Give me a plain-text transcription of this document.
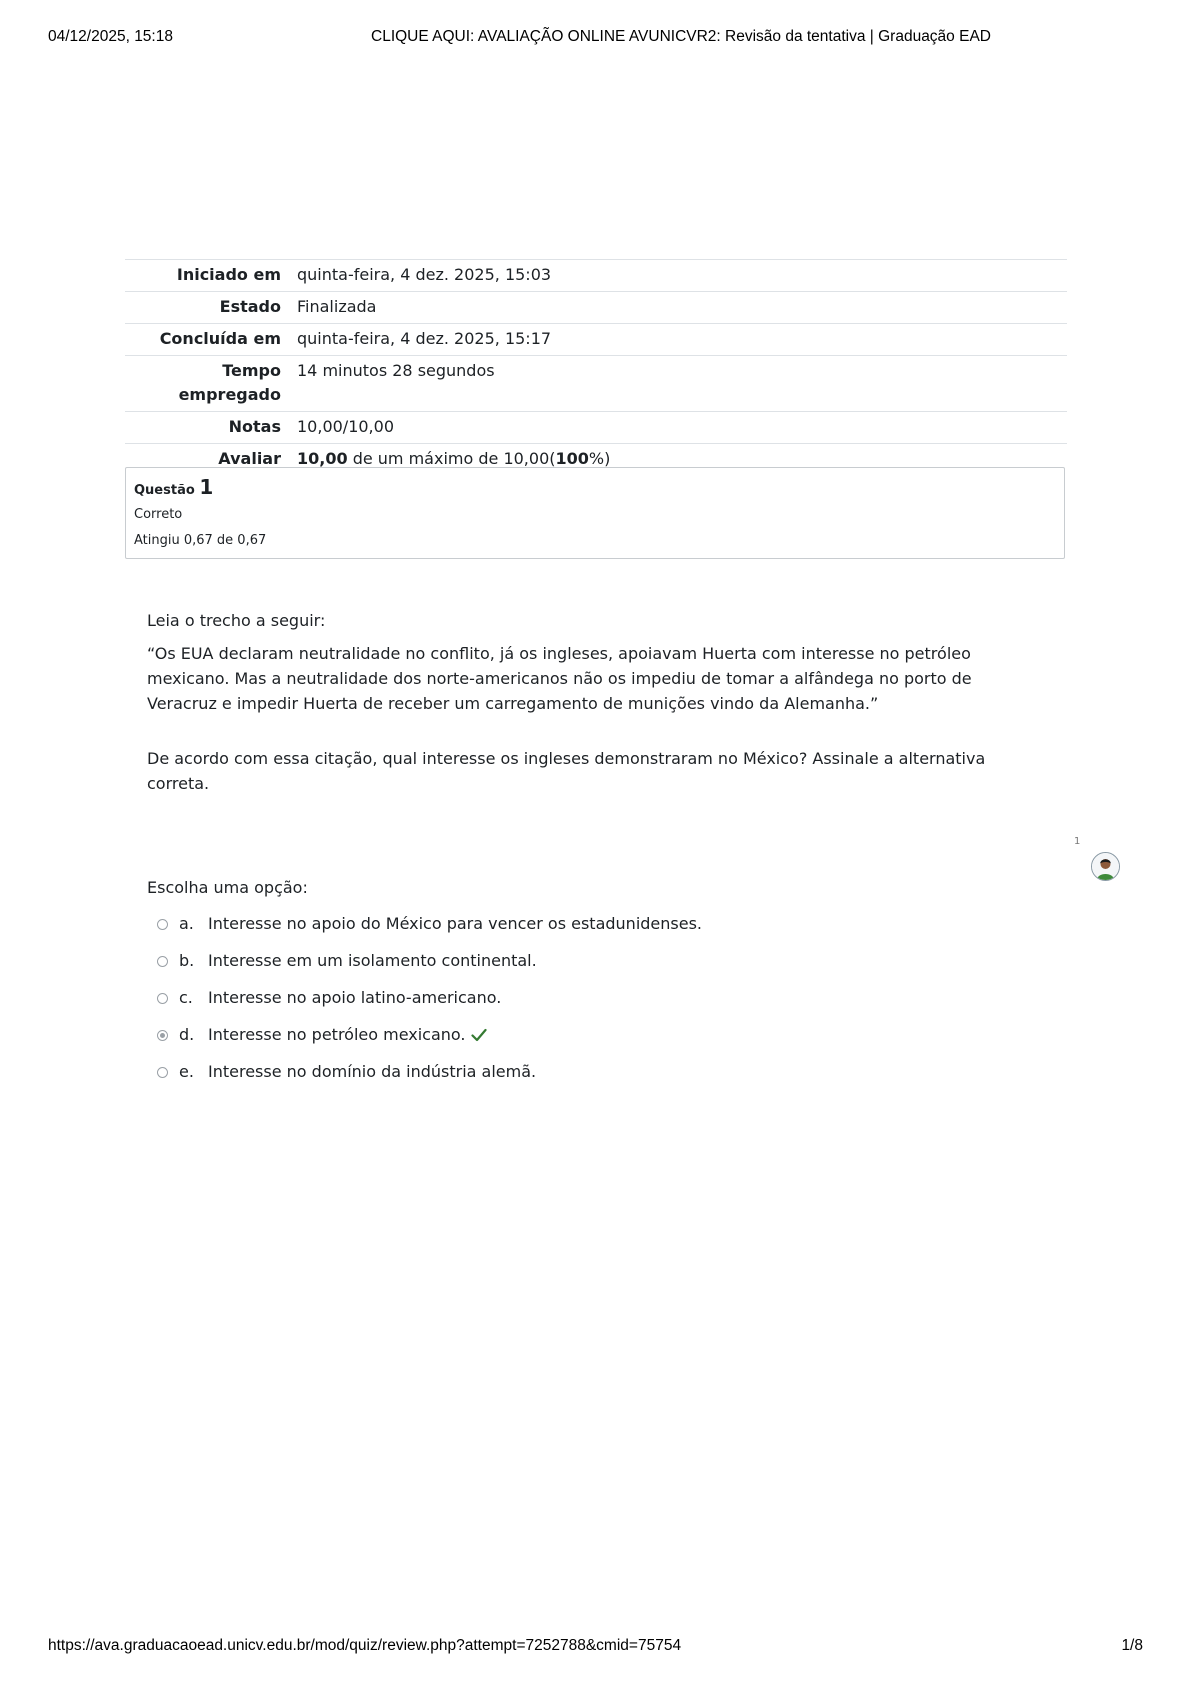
04/12/2025, 15:18	CLIQUE AQUI: AVALIAÇÃO ONLINE AVUNICVR2: Revisão da tentativa | Graduação EAD
Iniciado em	quinta-feira, 4 dez. 2025, 15:03
Estado	Finalizada
Concluída em	quinta-feira, 4 dez. 2025, 15:17
Tempo
empregado	14 minutos 28 segundos
Notas	10,00/10,00
Avaliar	10,00 de um máximo de 10,00(100%)
Questão 1
Correto
Atingiu 0,67 de 0,67

Leia o trecho a seguir:

“Os EUA declaram neutralidade no conflito, já os ingleses, apoiavam Huerta com interesse no petróleo mexicano. Mas a neutralidade dos norte-americanos não os impediu de tomar a alfândega no porto de Veracruz e impedir Huerta de receber um carregamento de munições vindo da Alemanha.”

De acordo com essa citação, qual interesse os ingleses demonstraram no México? Assinale a alternativa correta.

1
Escolha uma opção:
a. Interesse no apoio do México para vencer os estadunidenses.
b. Interesse em um isolamento continental.
c. Interesse no apoio latino-americano.
d. Interesse no petróleo mexicano.
e. Interesse no domínio da indústria alemã.
https://ava.graduacaoead.unicv.edu.br/mod/quiz/review.php?attempt=7252788&cmid=75754	1/8
